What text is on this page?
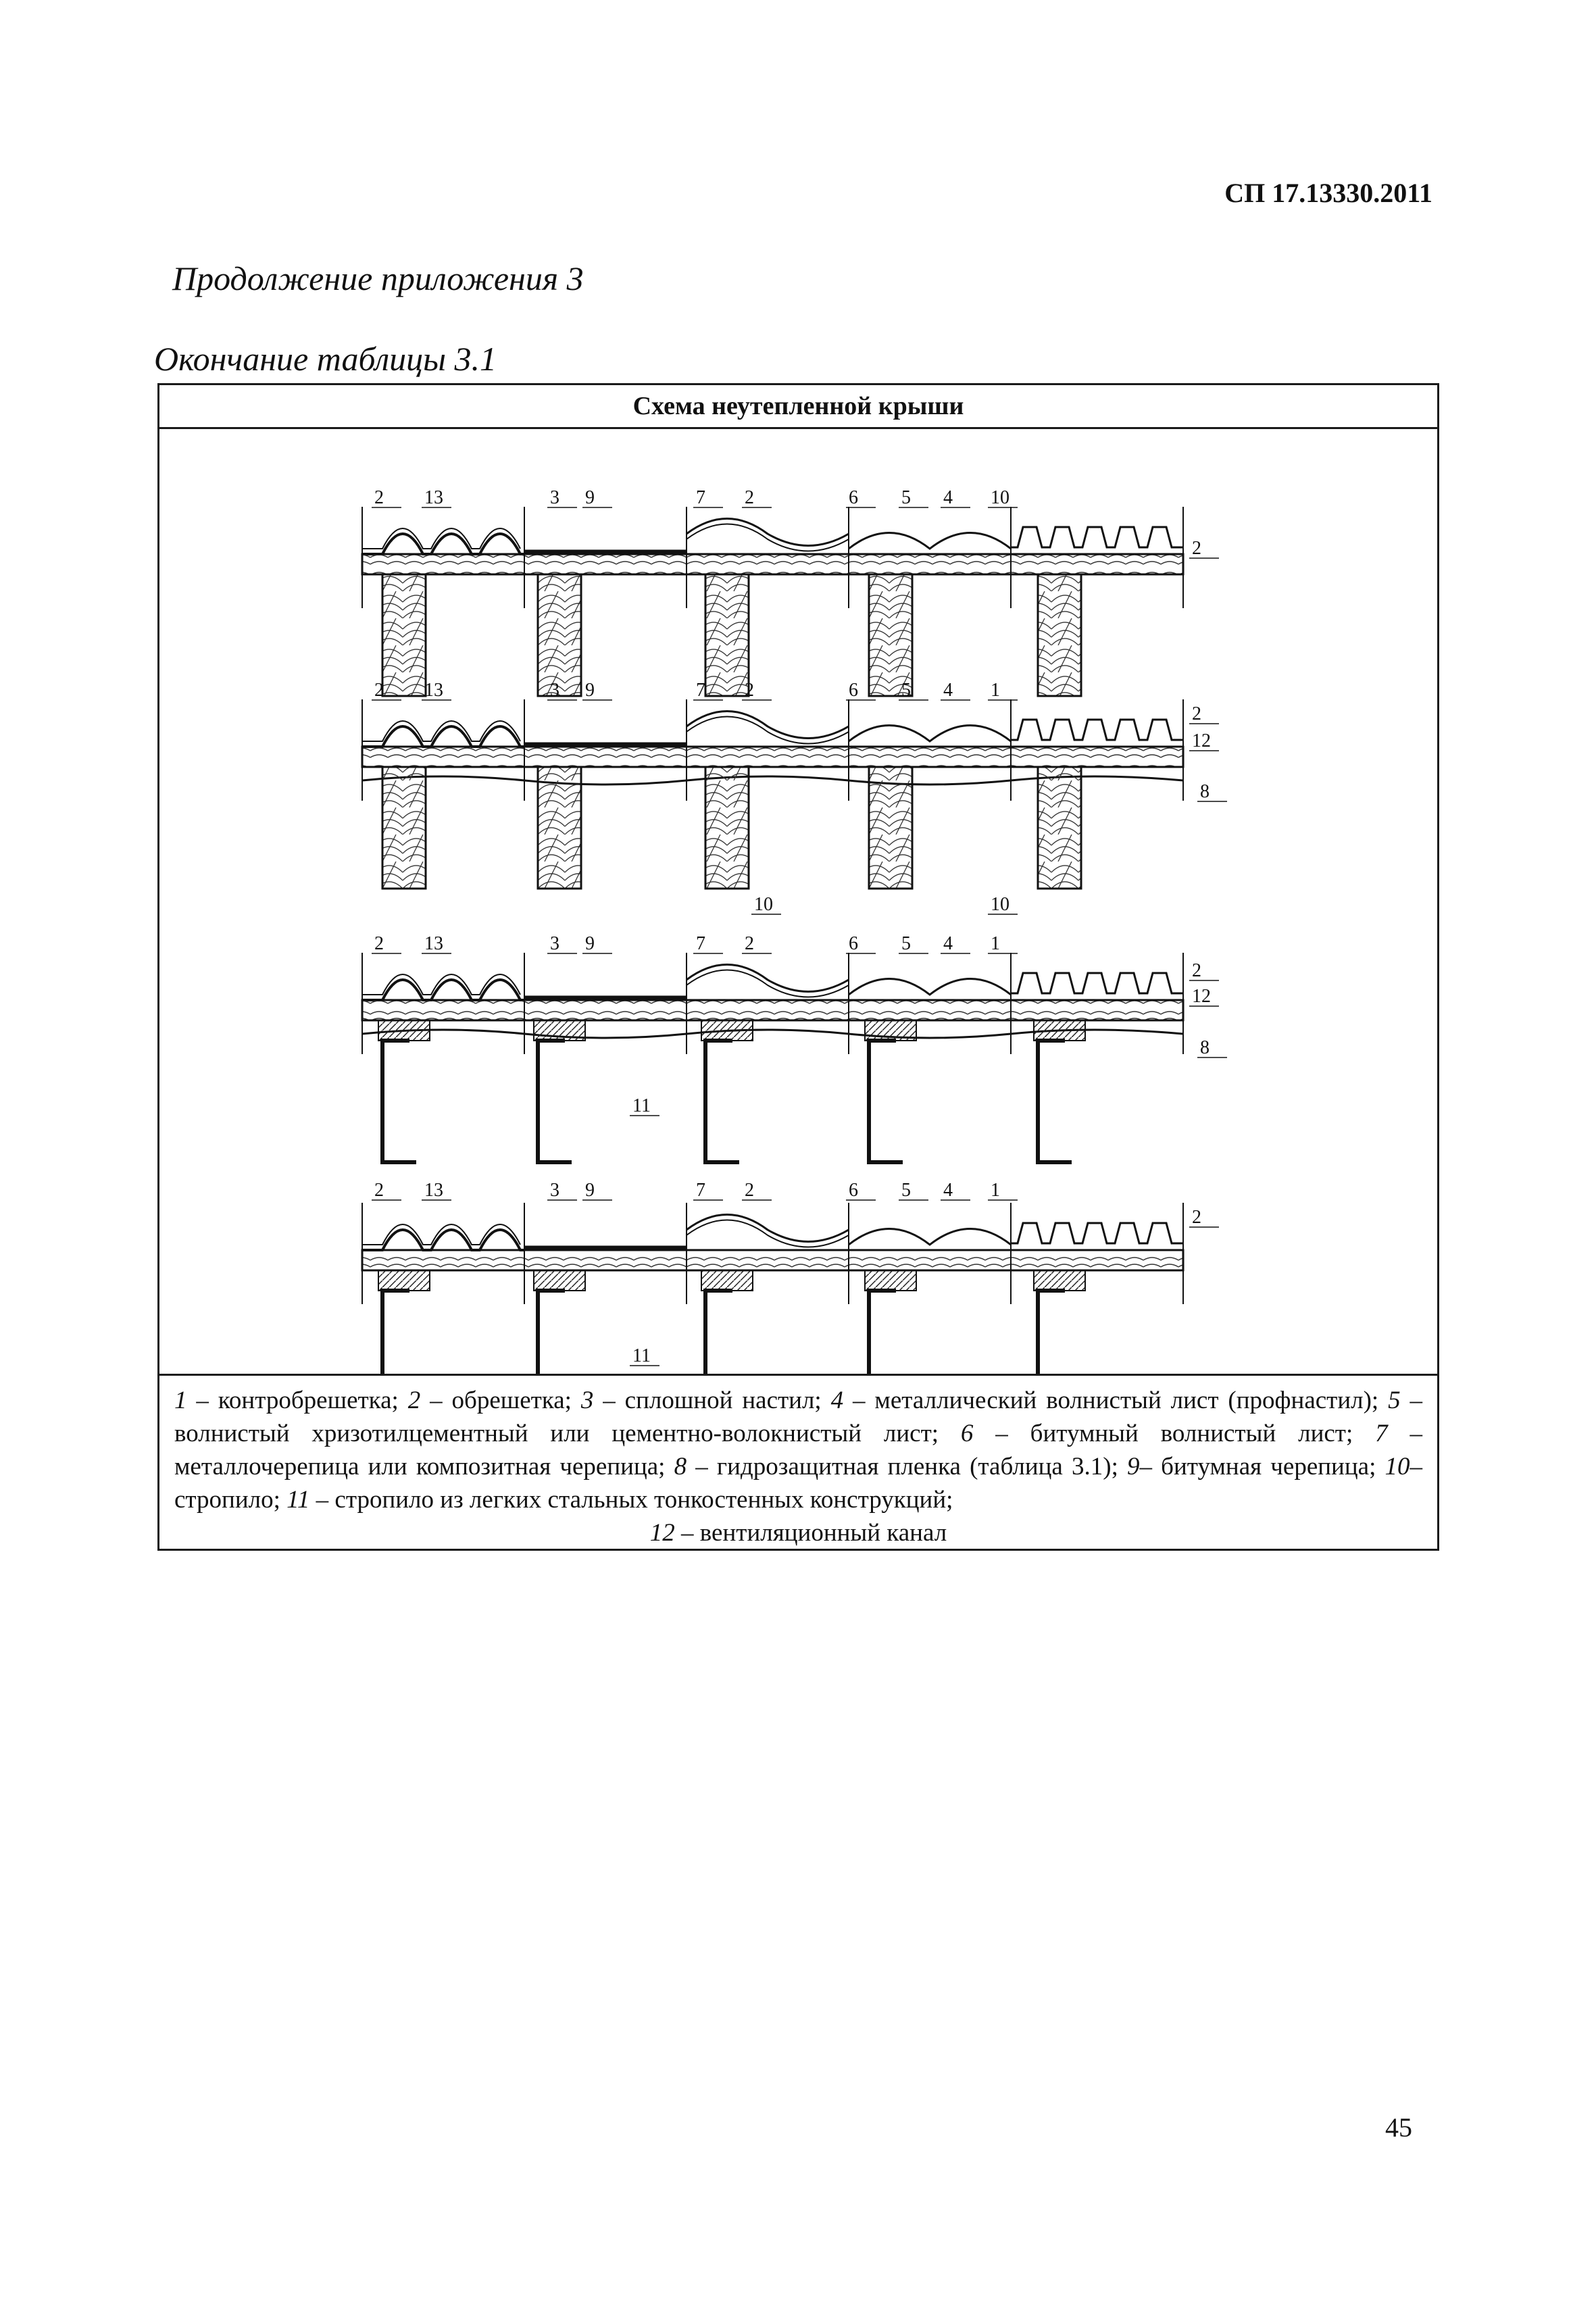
СП 17.13330.2011
Продолжение приложения 3
Окончание таблицы 3.1
Схема неутепленной крыши
2 13	3 9	7 2	6 5 4 10
2
2 13	3 9	7 2	6 5 4 1
2
12
8
10	10
2 13	3 9	7 2	6 5 4 1
2
12
8
11
2 13	3 9	7 2	6 5 4 1
2
11
1 – контробрешетка; 2 – обрешетка; 3 – сплошной настил; 4 – металлический волнистый лист (профнастил); 5 – волнистый хризотилцементный или цементно-волокнистый лист; 6 – битумный волнистый лист; 7 – металлочерепица или композитная черепица; 8 – гидрозащитная пленка (таблица 3.1); 9– битумная черепица; 10– стропило; 11 – стропило из легких стальных тонкостенных конструкций;
12 – вентиляционный канал
45
